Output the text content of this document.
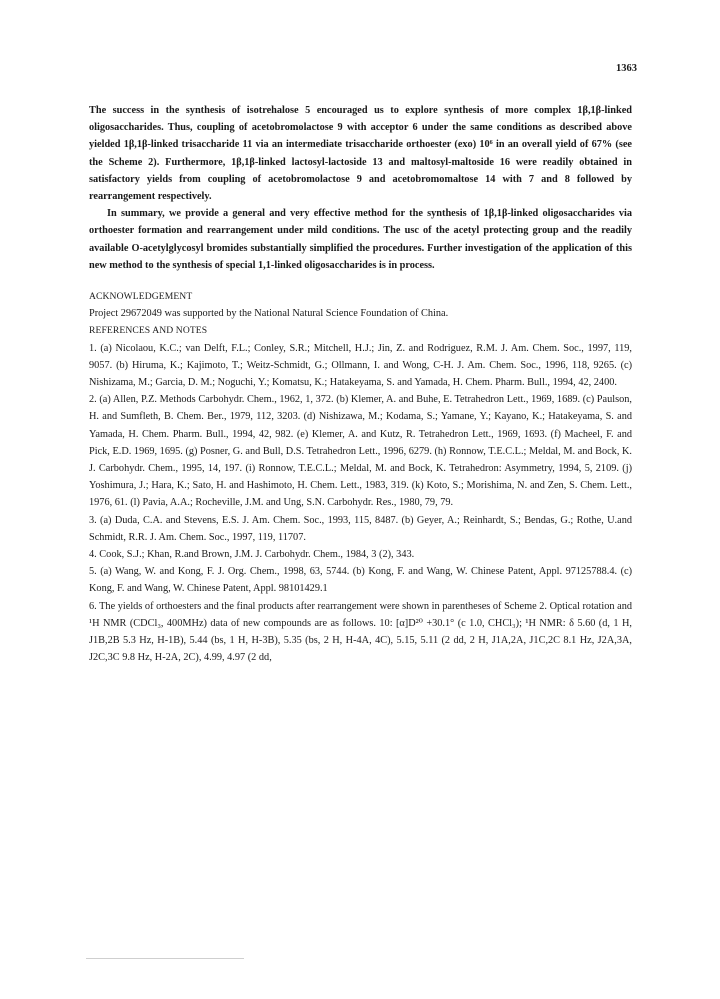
1363

The success in the synthesis of isotrehalose 5 encouraged us to explore synthesis of more complex 1β,1β-linked oligosaccharides. Thus, coupling of acetobromolactose 9 with acceptor 6 under the same conditions as described above yielded 1β,1β-linked trisaccharide 11 via an intermediate trisaccharide orthoester (exo) 10⁶ in an overall yield of 67% (see the Scheme 2). Furthermore, 1β,1β-linked lactosyl-lactoside 13 and maltosyl-maltoside 16 were readily obtained in satisfactory yields from coupling of acetobromolactose 9 and acetobromomaltose 14 with 7 and 8 followed by rearrangement respectively.

In summary, we provide a general and very effective method for the synthesis of 1β,1β-linked oligosaccharides via orthoester formation and rearrangement under mild conditions. The usc of the acetyl protecting group and the readily available O-acetylglycosyl bromides substantially simplified the procedures. Further investigation of the application of this new method to the synthesis of special 1,1-linked oligosaccharides is in process.

ACKNOWLEDGEMENT

Project 29672049 was supported by the National Natural Science Foundation of China.

REFERENCES AND NOTES

1. (a) Nicolaou, K.C.; van Delft, F.L.; Conley, S.R.; Mitchell, H.J.; Jin, Z. and Rodriguez, R.M. J. Am. Chem. Soc., 1997, 119, 9057. (b) Hiruma, K.; Kajimoto, T.; Weitz-Schmidt, G.; Ollmann, I. and Wong, C-H. J. Am. Chem. Soc., 1996, 118, 9265. (c) Nishizama, M.; Garcia, D. M.; Noguchi, Y.; Komatsu, K.; Hatakeyama, S. and Yamada, H. Chem. Pharm. Bull., 1994, 42, 2400.

2. (a) Allen, P.Z. Methods Carbohydr. Chem., 1962, 1, 372. (b) Klemer, A. and Buhe, E. Tetrahedron Lett., 1969, 1689. (c) Paulson, H. and Sumfleth, B. Chem. Ber., 1979, 112, 3203. (d) Nishizawa, M.; Kodama, S.; Yamane, Y.; Kayano, K.; Hatakeyama, S. and Yamada, H. Chem. Pharm. Bull., 1994, 42, 982. (e) Klemer, A. and Kutz, R. Tetrahedron Lett., 1969, 1693. (f) Macheel, F. and Pick, E.D. 1969, 1695. (g) Posner, G. and Bull, D.S. Tetrahedron Lett., 1996, 6279. (h) Ronnow, T.E.C.L.; Meldal, M. and Bock, K. J. Carbohydr. Chem., 1995, 14, 197. (i) Ronnow, T.E.C.L.; Meldal, M. and Bock, K. Tetrahedron: Asymmetry, 1994, 5, 2109. (j) Yoshimura, J.; Hara, K.; Sato, H. and Hashimoto, H. Chem. Lett., 1983, 319. (k) Koto, S.; Morishima, N. and Zen, S. Chem. Lett., 1976, 61. (l) Pavia, A.A.; Rocheville, J.M. and Ung, S.N. Carbohydr. Res., 1980, 79, 79.

3. (a) Duda, C.A. and Stevens, E.S. J. Am. Chem. Soc., 1993, 115, 8487. (b) Geyer, A.; Reinhardt, S.; Bendas, G.; Rothe, U.and Schmidt, R.R. J. Am. Chem. Soc., 1997, 119, 11707.

4. Cook, S.J.; Khan, R.and Brown, J.M. J. Carbohydr. Chem., 1984, 3 (2), 343.

5. (a) Wang, W. and Kong, F. J. Org. Chem., 1998, 63, 5744. (b) Kong, F. and Wang, W. Chinese Patent, Appl. 97125788.4. (c) Kong, F. and Wang, W. Chinese Patent, Appl. 98101429.1

6. The yields of orthoesters and the final products after rearrangement were shown in parentheses of Scheme 2. Optical rotation and ¹H NMR (CDCl₃, 400MHz) data of new compounds are as follows. 10: [α]D²⁰ +30.1° (c 1.0, CHCl₃); ¹H NMR: δ 5.60 (d, 1 H, J1B,2B 5.3 Hz, H-1B), 5.44 (bs, 1 H, H-3B), 5.35 (bs, 2 H, H-4A, 4C), 5.15, 5.11 (2 dd, 2 H, J1A,2A, J1C,2C 8.1 Hz, J2A,3A, J2C,3C 9.8 Hz, H-2A, 2C), 4.99, 4.97 (2 dd,
